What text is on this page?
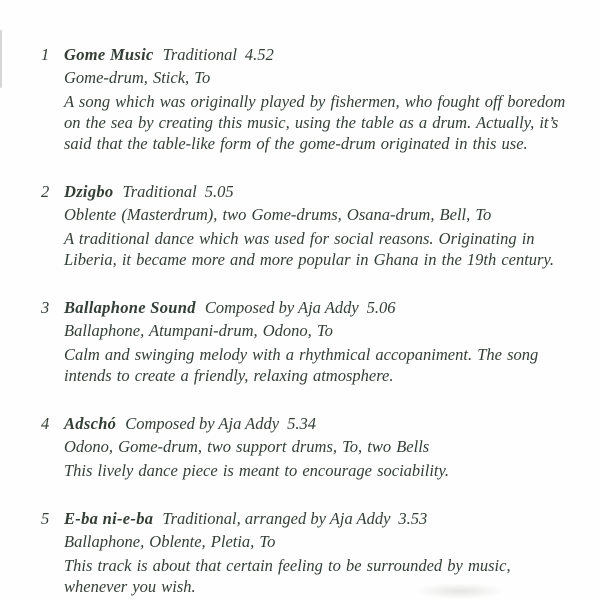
1 Gome Music Traditional 4.52
Gome-drum, Stick, To

A song which was originally played by fishermen, who fought off boredom on the sea by creating this music, using the table as a drum. Actually, it’s said that the table-like form of the gome-drum originated in this use.

2 Dzigbo Traditional 5.05
Oblente (Masterdrum), two Gome-drums, Osana-drum, Bell, To

A traditional dance which was used for social reasons. Originating in Liberia, it became more and more popular in Ghana in the 19th century.

3 Ballaphone Sound Composed by Aja Addy 5.06
Ballaphone, Atumpani-drum, Odono, To

Calm and swinging melody with a rhythmical accopaniment. The song intends to create a friendly, relaxing atmosphere.

4 Adschó Composed by Aja Addy 5.34
Odono, Gome-drum, two support drums, To, two Bells

This lively dance piece is meant to encourage sociability.

5 E-ba ni-e-ba Traditional, arranged by Aja Addy 3.53
Ballaphone, Oblente, Pletia, To

This track is about that certain feeling to be surrounded by music, whenever you wish.
